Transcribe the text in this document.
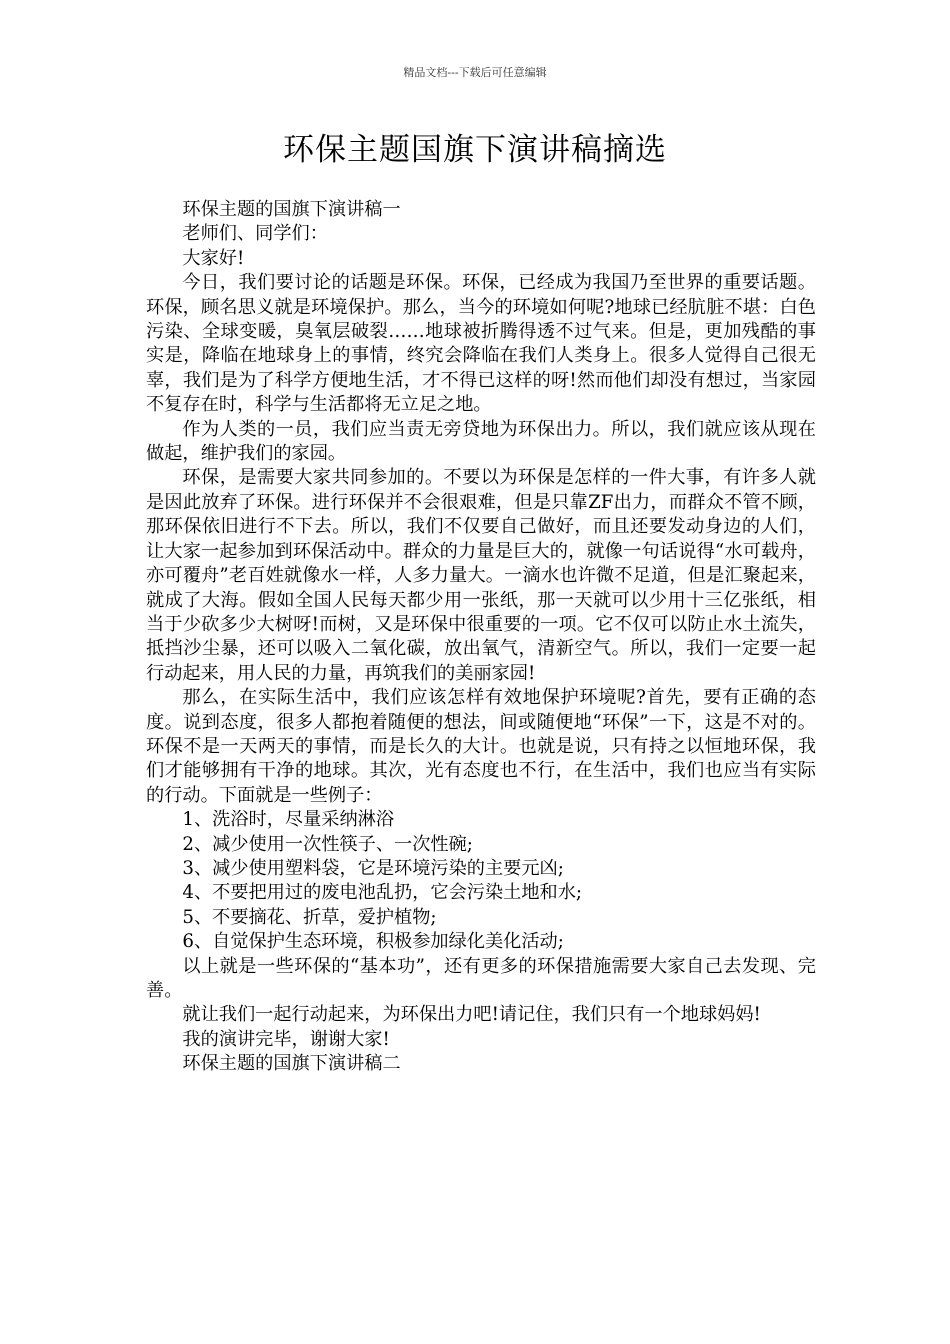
精品文档---下载后可任意编辑
环保主题国旗下演讲稿摘选

环保主题的国旗下演讲稿一

老师们、同学们：

大家好!

今日，我们要讨论的话题是环保。环保，已经成为我国乃至世界的重要话题。环保，顾名思义就是环境保护。那么，当今的环境如何呢?地球已经肮脏不堪：白色污染、全球变暖，臭氧层破裂……地球被折腾得透不过气来。但是，更加残酷的事实是，降临在地球身上的事情，终究会降临在我们人类身上。很多人觉得自己很无辜，我们是为了科学方便地生活，才不得已这样的呀!然而他们却没有想过，当家园不复存在时，科学与生活都将无立足之地。

作为人类的一员，我们应当责无旁贷地为环保出力。所以，我们就应该从现在做起，维护我们的家园。

环保，是需要大家共同参加的。不要以为环保是怎样的一件大事，有许多人就是因此放弃了环保。进行环保并不会很艰难，但是只靠ZF出力，而群众不管不顾，那环保依旧进行不下去。所以，我们不仅要自己做好，而且还要发动身边的人们，让大家一起参加到环保活动中。群众的力量是巨大的，就像一句话说得“水可载舟，亦可覆舟”老百姓就像水一样，人多力量大。一滴水也许微不足道，但是汇聚起来，就成了大海。假如全国人民每天都少用一张纸，那一天就可以少用十三亿张纸，相当于少砍多少大树呀!而树，又是环保中很重要的一项。它不仅可以防止水土流失，抵挡沙尘暴，还可以吸入二氧化碳，放出氧气，清新空气。所以，我们一定要一起行动起来，用人民的力量，再筑我们的美丽家园!

那么，在实际生活中，我们应该怎样有效地保护环境呢?首先，要有正确的态度。说到态度，很多人都抱着随便的想法，间或随便地“环保”一下，这是不对的。环保不是一天两天的事情，而是长久的大计。也就是说，只有持之以恒地环保，我们才能够拥有干净的地球。其次，光有态度也不行，在生活中，我们也应当有实际的行动。下面就是一些例子：

1、洗浴时，尽量采纳淋浴

2、减少使用一次性筷子、一次性碗;

3、减少使用塑料袋，它是环境污染的主要元凶;

4、不要把用过的废电池乱扔，它会污染土地和水;

5、不要摘花、折草，爱护植物;

6、自觉保护生态环境，积极参加绿化美化活动;

以上就是一些环保的“基本功”，还有更多的环保措施需要大家自己去发现、完善。

就让我们一起行动起来，为环保出力吧!请记住，我们只有一个地球妈妈!

我的演讲完毕，谢谢大家!

环保主题的国旗下演讲稿二
